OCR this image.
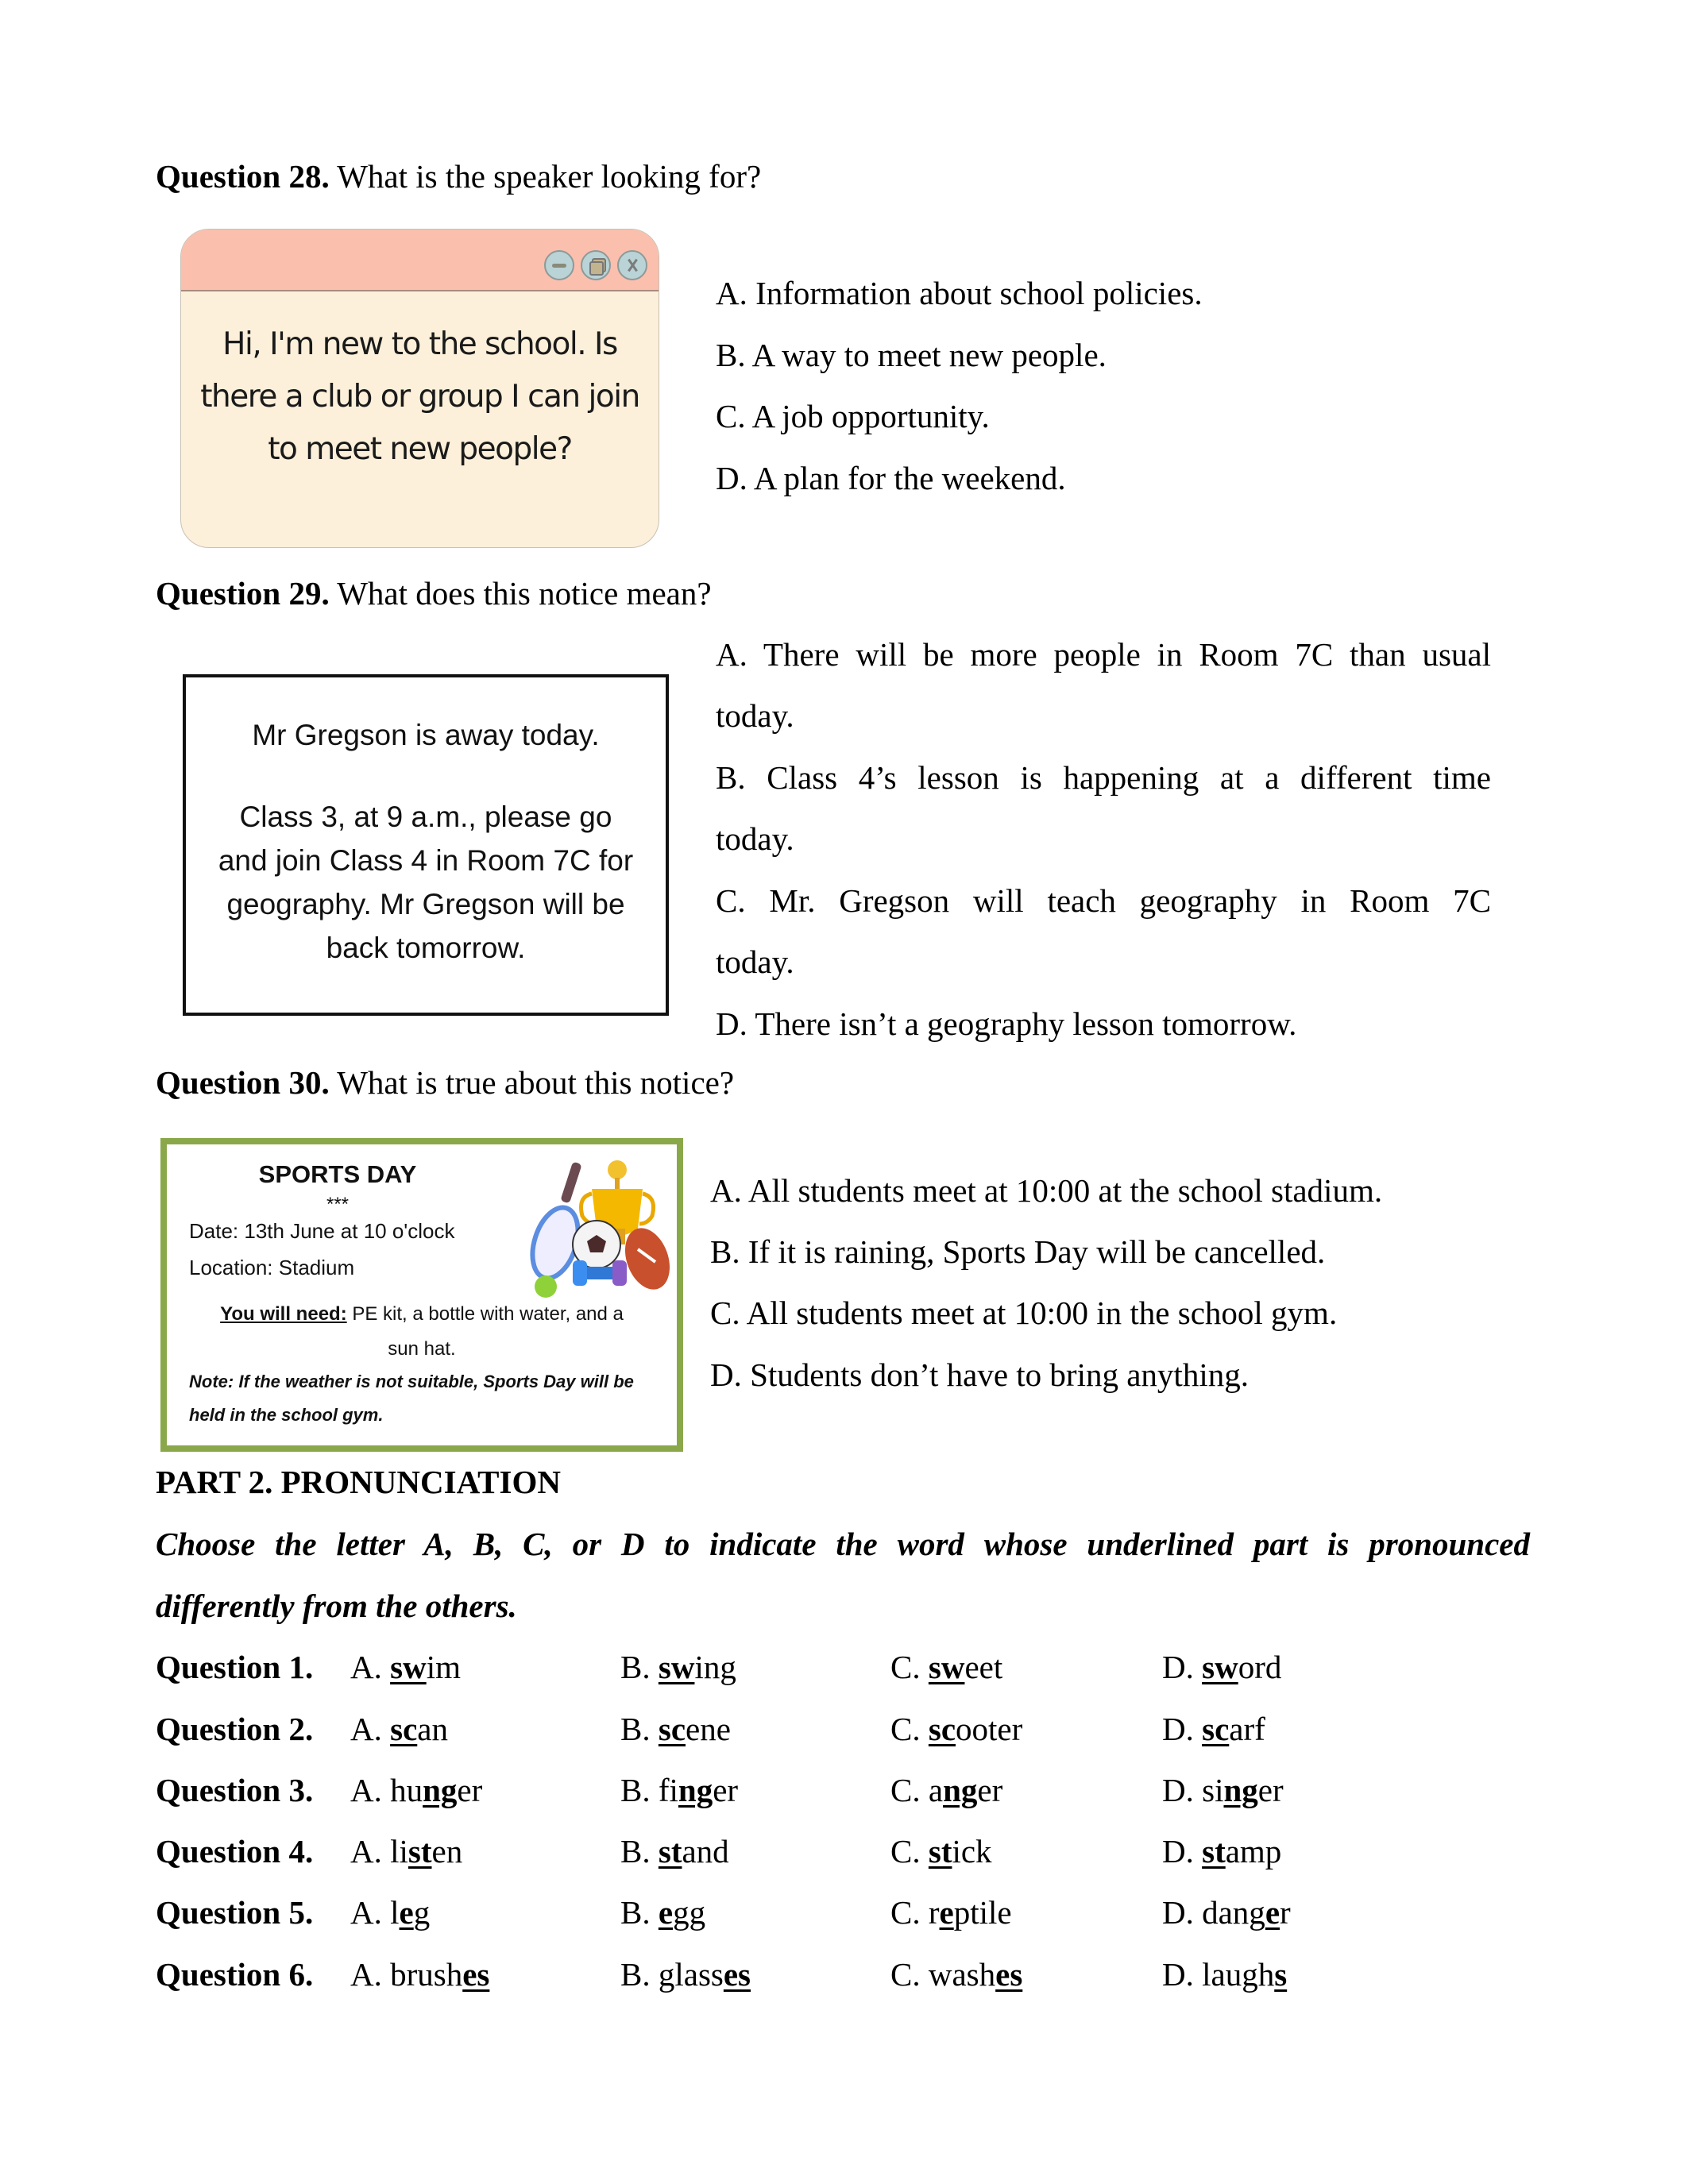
Question 28. What is the speaker looking for?
Hi, I'm new to the school. Is
there a club or group I can join
to meet new people?
A. Information about school policies.
B. A way to meet new people.
C. A job opportunity.
D. A plan for the weekend.
Question 29. What does this notice mean?
Mr Gregson is away today.
Class 3, at 9 a.m., please go
and join Class 4 in Room 7C for
geography. Mr Gregson will be
back tomorrow.
A. There will be more people in Room 7C than usual
today.
B. Class 4’s lesson is happening at a different time
today.
C. Mr. Gregson will teach geography in Room 7C
today.
D. There isn’t a geography lesson tomorrow.
Question 30. What is true about this notice?
SPORTS DAY
***
Date: 13th June at 10 o'clock
Location: Stadium
You will need: PE kit, a bottle with water, and a
sun hat.
Note: If the weather is not suitable, Sports Day will be held in the school gym.
A. All students meet at 10:00 at the school stadium.
B. If it is raining, Sports Day will be cancelled.
C. All students meet at 10:00 in the school gym.
D. Students don’t have to bring anything.
PART 2. PRONUNCIATION
Choose the letter A, B, C, or D to indicate the word whose underlined part is pronounced
differently from the others.
Question 1. A. swim	B. swing	C. sweet	D. sword
Question 2. A. scan	B. scene	C. scooter	D. scarf
Question 3. A. hunger	B. finger	C. anger	D. singer
Question 4. A. listen	B. stand	C. stick	D. stamp
Question 5. A. leg	B. egg	C. reptile	D. danger
Question 6. A. brushes	B. glasses	C. washes	D. laughs
